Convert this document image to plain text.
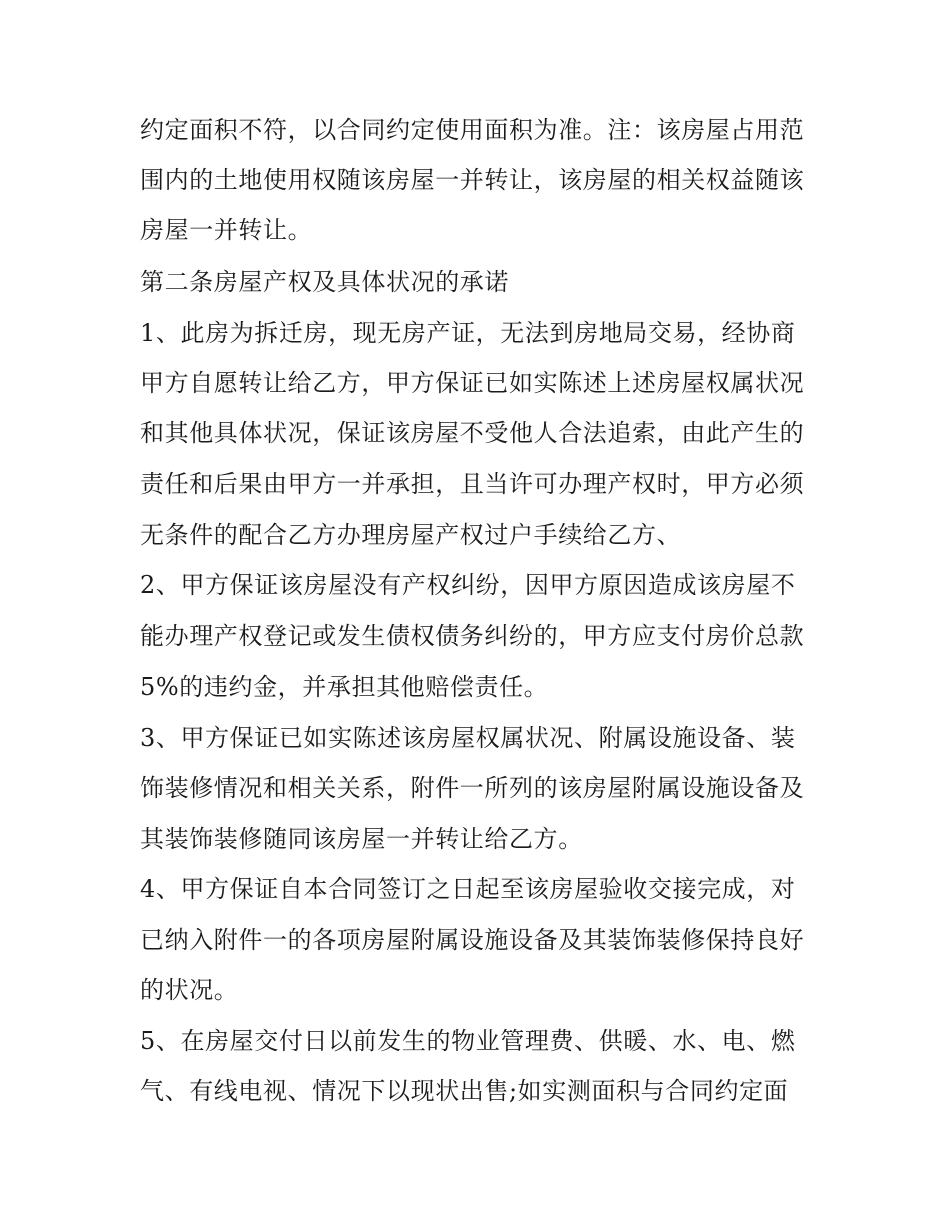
约定面积不符，以合同约定使用面积为准。注：该房屋占用范
围内的土地使用权随该房屋一并转让，该房屋的相关权益随该
房屋一并转让。
第二条房屋产权及具体状况的承诺
1、此房为拆迁房，现无房产证，无法到房地局交易，经协商
甲方自愿转让给乙方，甲方保证已如实陈述上述房屋权属状况
和其他具体状况，保证该房屋不受他人合法追索，由此产生的
责任和后果由甲方一并承担，且当许可办理产权时，甲方必须
无条件的配合乙方办理房屋产权过户手续给乙方、
2、甲方保证该房屋没有产权纠纷，因甲方原因造成该房屋不
能办理产权登记或发生债权债务纠纷的，甲方应支付房价总款
5%的违约金，并承担其他赔偿责任。
3、甲方保证已如实陈述该房屋权属状况、附属设施设备、装
饰装修情况和相关关系，附件一所列的该房屋附属设施设备及
其装饰装修随同该房屋一并转让给乙方。
4、甲方保证自本合同签订之日起至该房屋验收交接完成，对
已纳入附件一的各项房屋附属设施设备及其装饰装修保持良好
的状况。
5、在房屋交付日以前发生的物业管理费、供暖、水、电、燃
气、有线电视、情况下以现状出售;如实测面积与合同约定面
